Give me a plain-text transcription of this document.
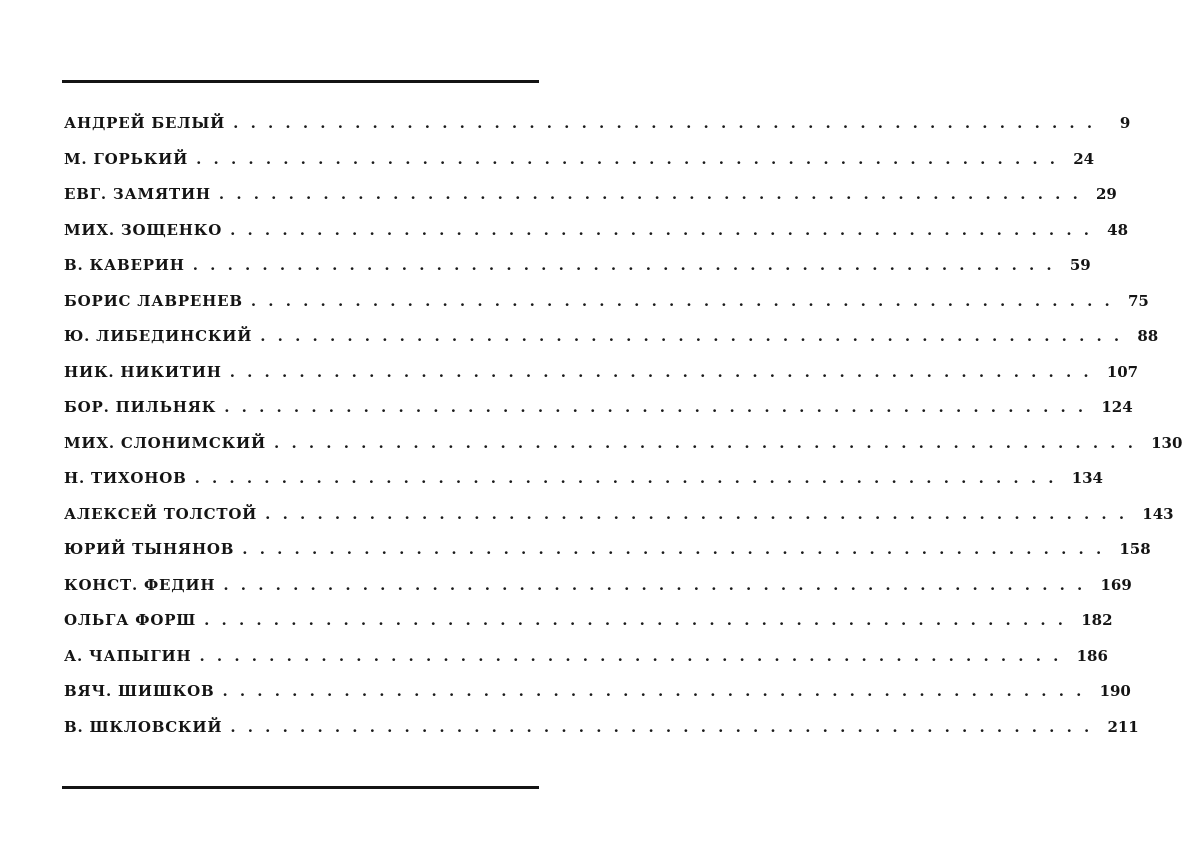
АНДРЕЙ БЕЛЫЙ ..................................................	9
М. ГОРЬКИЙ .................................................. 24
ЕВГ. ЗАМЯТИН .................................................. 29
МИХ. ЗОЩЕНКО .................................................. 48
В. КАВЕРИН .................................................. 59
БОРИС ЛАВРЕНЕВ .................................................. 75
Ю. ЛИБЕДИНСКИЙ .................................................. 88
НИК. НИКИТИН .................................................. 107
БОР. ПИЛЬНЯК .................................................. 124
МИХ. СЛОНИМСКИЙ .................................................. 130
Н. ТИХОНОВ .................................................. 134
АЛЕКСЕЙ ТОЛСТОЙ .................................................. 143
ЮРИЙ ТЫНЯНОВ .................................................. 158
КОНСТ. ФЕДИН .................................................. 169
ОЛЬГА ФОРШ .................................................. 182
А. ЧАПЫГИН .................................................. 186
ВЯЧ. ШИШКОВ .................................................. 190
В. ШКЛОВСКИЙ .................................................. 211
